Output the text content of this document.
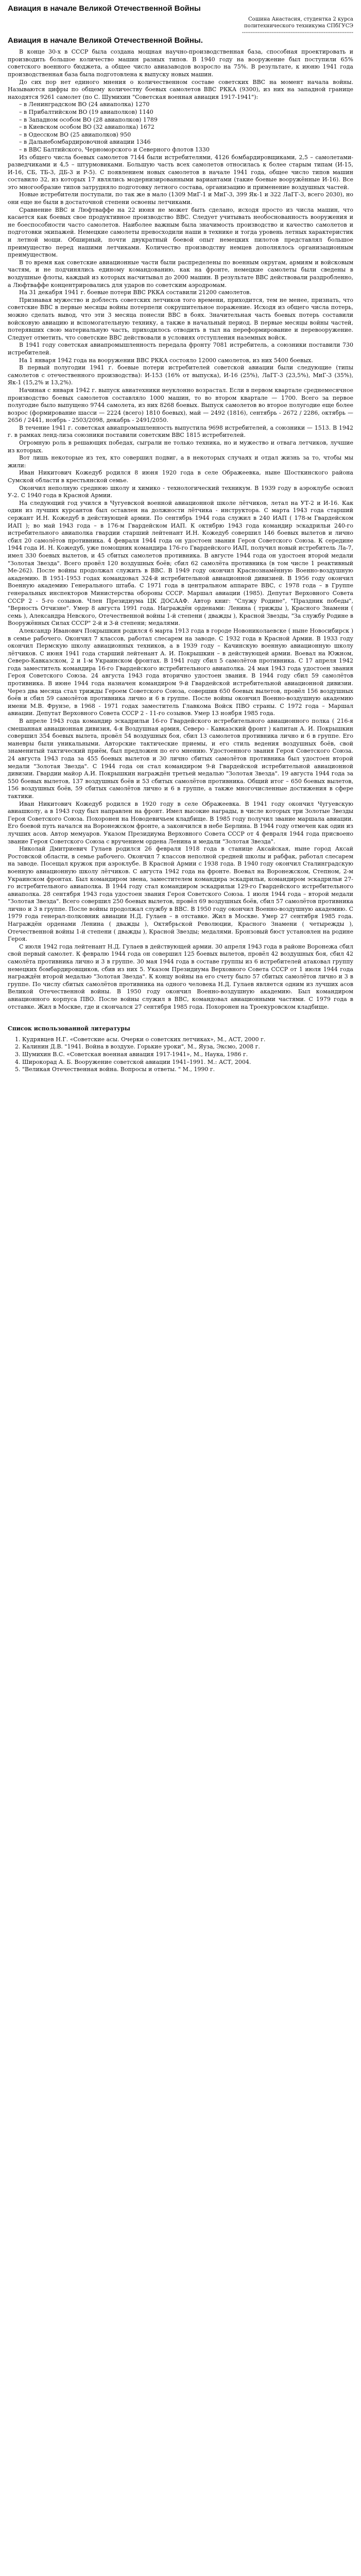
Авиация в начале Великой Отечественной Войны
Сошина Анастасия, студентка 2 курса
политехнического техникума СПбГУСЭ
----------------------------------------------------------------
Авиация в начале Великой Отечественной Войны.

В конце 30-х в СССР была создана мощная научно-производственная база, способная проектировать и производить большое количество машин разных типов. В 1940 году на вооружение был поступили 65% советского военного бюджета, а общее число авиазаводов возросло на 75%. В результате, к июню 1941 года производственная база была подготовлена к выпуску новых машин.

До сих пор нет единого мнения о количественном составе советских ВВС на момент начала войны. Называются цифры по общему количеству боевых самолетов ВВС РККА (9300), из них на западной границе находятся 9261 самолет (по С. Шумихин "Советская военная авиация 1917-1941"):

– в Ленинградском ВО (24 авиаполка) 1270

– в Прибалтийском ВО (19 авиаполков) 1140

– в Западном особом ВО (28 авиаполков) 1789

– в Киевском особом ВО (32 авиаполка) 1672

– в Одесском ВО (25 авиаполков) 950

– в Дальнебомбардировочной авиации 1346

– в ВВС Балтийского, Черноморского и Северного флотов 1330

Из общего числа боевых самолетов 7144 были истребителями, 4126 бомбардировщиками, 2,5 – самолетами-разведчиками и 4,5 – штурмовиками. Большую часть всех самолетов относилась к более старым типам (И-15, И-16, СБ, ТБ-3, ДБ-3 и Р-5). С появлением новых самолетов в начале 1941 года, общее число типов машин составило 32, из которых 17 являлись модернизированными вариантами (такие боевые вооружённые И-16). Все это многообразие типов затрудняло подготовку летного состава, организацию и применение воздушных частей.

Новые истребители поступали, по так же в мало (1309 МиГ-1 и МиГ-3, 399 Як-1 и 322 ЛаГГ-3, всего 2030), но они еще не были в достаточной степени освоены летчиками.

Сравнение ВВС и Люфтваффе на 22 июня не может быть сделано, исходя просто из числа машин, что касается как боевых свое продуктивное производство ВВС. Следует учитывать необоснованность вооружения и не боеспособности часто самолетов. Наиболее важным была значимость производство и качество самолетов и подготовки экипажей. Немецкие самолеты превосходили наши в технике и тогда уровень летных характеристик и летной мощи. Обширный, почти двукратный боевой опыт немецких пилотов представлял большое преимущество перед нашими летчиками. Количество производству немцев дополнялось организационным преимуществом.

В то время как советские авиационные части были распределены по военным округам, армиям и войсковым частям, и не подчинялись единому командованию, как на фронте, немецкие самолеты были сведены в воздушные флоты, каждый из которых насчитывал до 2000 машин. В результате ВВС действовали раздробленно, а Люфтваффе концентрировались для ударов по советским аэродромам.

На 31 декабря 1941 г. боевые потери ВВС РККА составили 21200 самолетов.

Признавая мужество и доблесть советских летчиков того времени, приходится, тем не менее, признать, что советские ВВС в первые месяцы войны потерпели сокрушительное поражение. Исходя из общего числа потерь, можно сделать вывод, что эти 3 месяца понесли ВВС в боях. Значительная часть боевых потерь составили войсковую авиацию и вспомогательную технику, а также в начальный период. В первые месяцы войны частей, потерявших свою материальную часть, приходилось отводить в тыл на переформирование и перевооружение. Следует отметить, что советские ВВС действовали в условиях отступления наземных войск.

В 1941 году советская авиапромышленность передала фронту 7081 истребитель, а союзники поставили 730 истребителей.

На 1 января 1942 года на вооружении ВВС РККА состояло 12000 самолетов, из них 5400 боевых.

В первый полугодии 1941 г. боевые потери истребителей советской авиации были следующие (типы самолетов с отечественного производства): И-153 (16% от выпуска), И-16 (25%), ЛаГГ-3 (23,5%), МиГ-3 (35%), Як-1 (15,2% и 13,2%).

Начиная с января 1942 г. выпуск авиатехники неуклонно возрастал. Если в первом квартале среднемесячное производство боевых самолетов составляло 1000 машин, то во втором квартале — 1700. Всего за первое полугодие было выпущено 9744 самолета, из них 8268 боевых. Выпуск самолетов во второе полугодие еще более возрос (формирование шасси — 2224 (всего) 1810 боевых), май — 2492 (1816), сентябрь - 2672 / 2286, октябрь — 2656 / 2441, ноябрь - 2503/2098, декабрь - 2491/2050.

В течение 1941 г. советская авиапромышленность выпустила 9698 истребителей, а союзники — 1513. В 1942 г. в рамках ленд-лиза союзники поставили советским ВВС 1815 истребителей.

Огромную роль в решающих победах, сыграли не только техника, но и мужество и отвага летчиков, лучшие из которых.

Вот лишь некоторые из тех, кто совершил подвиг, а в некоторых случаях и отдал жизнь за то, чтобы мы жили:

Иван Никитович Кожедуб родился 8 июня 1920 года в селе Ображеевка, ныне Шосткинского района Сумской области в крестьянской семье.

Окончил неполную среднюю школу и химико - технологический техникум. В 1939 году в аэроклубе освоил У-2. С 1940 года в Красной Армии.

На следующий год учился в Чугуевской военной авиационной школе лётчиков, летал на УТ-2 и И-16. Как один из лучших курсантов был оставлен на должности лётчика - инструктора. С марта 1943 года старший сержант И.Н. Кожедуб в действующей армии. По сентябрь 1944 года служил в 240 ИАП ( 178-м Гвардейском ИАП ); во май 1943 года – в 176-м Гвардейском ИАП. К октябрю 1943 года командир эскадрильи 240-го истребительного авиаполка гвардии старший лейтенант И.Н. Кожедуб совершил 146 боевых вылетов и лично сбил 20 самолётов противника. 4 февраля 1944 года он удостоен звания Героя Советского Союза. К середине 1944 года И. Н. Кожедуб, уже помощник командира 176-го Гвардейского ИАП, получил новый истребитель Ла-7, имел 330 боевых вылетов, и 45 сбитых самолетов противника. В августе 1944 года он удостоен второй медали "Золотая Звезда". Всего провёл 120 воздушных боёв; сбил 62 самолёта противника (в том числе 1 реактивный Ме-262). После войны продолжал служить в ВВС. В 1949 году окончил Краснознамённую Военно-воздушную академию. В 1951-1953 годах командовал 324-й истребительной авиационной дивизией. В 1956 году окончил Военную академию Генерального штаба. С 1971 года в центральном аппарате ВВС, с 1978 года – в Группе генеральных инспекторов Министерства обороны СССР. Маршал авиации (1985). Депутат Верховного Совета СССР 2 - 5-го созывов. Член Президиума ЦК ДОСААФ. Автор книг: "Служу Родине", "Праздник победы", "Верность Отчизне". Умер 8 августа 1991 года. Награждён орденами: Ленина ( трижды ), Красного Знамени ( семь ), Александра Невского, Отечественной войны 1-й степени ( дважды ), Красной Звезды, "За службу Родине в Вооружённых Силах СССР" 2-й и 3-й степени; медалями.

Александр Иванович Покрышкин родился 6 марта 1913 года в городе Новониколаевске ( ныне Новосибирск ) в семье рабочего. Окончил 7 классов, работал слесарем на заводе. С 1932 года в Красной Армии. В 1933 году окончил Пермскую школу авиационных техников, а в 1939 году – Качинскую военную авиационную школу лётчиков. С июня 1941 года старший лейтенант А. И. Покрышкин – в действующей армии. Воевал на Южном, Северо-Кавказском, 2 и 1-м Украинском фронтах. В 1941 году сбил 5 самолётов противника. С 17 апреля 1942 года заместитель командира 16-го Гвардейского истребительного авиаполка. 24 мая 1943 года удостоен звания Героя Советского Союза. 24 августа 1943 года вторично удостоен звания. В 1944 году сбил 59 самолётов противника. В июне 1944 года назначен командиром 9-й Гвардейской истребительной авиационной дивизии. Через два месяца стал трижды Героем Советского Союза, совершив 650 боевых вылетов, провёл 156 воздушных боёв и сбил 59 самолётов противника лично и 6 в группе. После войны окончил Военно-воздушную академию имени М.В. Фрунзе, в 1968 - 1971 годах заместитель Главкома Войск ПВО страны. С 1972 года – Маршал авиации. Депутат Верховного Совета СССР 2 - 11-го созывов. Умер 13 ноября 1985 года.

В апреле 1943 года командир эскадрильи 16-го Гвардейского истребительного авиационного полка ( 216-я смешанная авиационная дивизия, 4-я Воздушная армия, Северо - Кавказский фронт ) капитан А. И. Покрышкин совершил 354 боевых вылета, провёл 54 воздушных боя, сбил 13 самолетов противника лично и 6 в группе. Его маневры были уникальными. Авторские тактические приемы, и его стиль ведения воздушных боёв, свой знаменитый тактический приём, был предложен по его мнению. Удостоенного звания Героя Советского Союза. 24 августа 1943 года за 455 боевых вылетов и 30 лично сбитых самолётов противника был удостоен второй медали "Золотая Звезда". С 1944 года он стал командиром 9-й Гвардейской истребительной авиационной дивизии. Гвардии майор А.И. Покрышкин награждён третьей медалью "Золотая Звезда". 19 августа 1944 года за 550 боевых вылетов, 137 воздушных боёв и 53 сбитых самолётов противника. Общий итог – 650 боевых вылетов, 156 воздушных боёв, 59 сбитых самолётов лично и 6 в группе, а также многочисленные достижения в сфере тактики.

Иван Никитович Кожедуб родился в 1920 году в селе Ображеевка. В 1941 году окончил Чугуевскую авиашколу, а в 1943 году был направлен на фронт. Имел высокие награды, в числе которых три Золотые Звезды Героя Советского Союза. Похоронен на Новодевичьем кладбище. В 1985 году получил звание маршала авиации. Его боевой путь начался на Воронежском фронте, а закончился в небе Берлина. В 1944 году отмечен как один из лучших асов. Автор мемуаров. Указом Президиума Верховного Совета СССР от 4 февраля 1944 года присвоено звание Героя Советского Союза с вручением ордена Ленина и медали "Золотая Звезда".

Николай Дмитриевич Гулаев родился 26 февраля 1918 года в станице Аксайская, ныне город Аксай Ростовской области, в семье рабочего. Окончил 7 классов неполной средней школы и рабфак, работал слесарем на заводе. Посещал кружок при аэроклубе. В Красной Армии с 1938 года. В 1940 году окончил Сталинградскую военную авиационную школу лётчиков. С августа 1942 года на фронте. Воевал на Воронежском, Степном, 2-м Украинском фронтах. Был командиром звена, заместителем командира эскадрильи, командиром эскадрильи 27-го истребительного авиаполка. В 1944 году стал командиром эскадрильи 129-го Гвардейского истребительного авиаполка. 28 сентября 1943 года удостоен звания Героя Советского Союза. 1 июля 1944 года – второй медали "Золотая Звезда". Всего совершил 250 боевых вылетов, провёл 69 воздушных боёв, сбил 57 самолётов противника лично и 3 в группе. После войны продолжал службу в ВВС. В 1950 году окончил Военно-воздушную академию. С 1979 года генерал-полковник авиации Н.Д. Гулаев – в отставке. Жил в Москве. Умер 27 сентября 1985 года. Награждён орденами Ленина ( дважды ), Октябрьской Революции, Красного Знамени ( четырежды ), Отечественной войны 1-й степени ( дважды ), Красной Звезды; медалями. Бронзовый бюст установлен на родине Героя.

С июля 1942 года лейтенант Н.Д. Гулаев в действующей армии. 30 апреля 1943 года в районе Воронежа сбил свой первый самолет. К февралю 1944 года он совершил 125 боевых вылетов, провёл 42 воздушных боя, сбил 42 самолёта противника лично и 3 в группе. 30 мая 1944 года в составе группы из 6 истребителей атаковал группу немецких бомбардировщиков, сбив из них 5. Указом Президиума Верховного Совета СССР от 1 июля 1944 года награждён второй медалью "Золотая Звезда". К концу войны на его счету было 57 сбитых самолётов лично и 3 в группе. По числу сбитых самолётов противника на одного человека Н.Д. Гулаев является одним из лучших асов Великой Отечественной войны. В 1950 году окончил Военно-воздушную академию. Был командиром авиационного корпуса ПВО. После войны служил в ВВС, командовал авиационными частями. С 1979 года в отставке. Жил в Москве, где и скончался 27 сентября 1985 года. Похоронен на Троекуровском кладбище.

Список использованной литературы
1. Кудрявцев Н.Г. «Советские асы. Очерки о советских летчиках», М., АСТ, 2000 г.
2. Калинин Д.В. "1941. Война в воздухе. Горькие уроки", М., Яуза, Эксмо, 2008 г.
3. Шумихин В.С. «Советская военная авиация 1917-1941», М., Наука, 1986 г.
4. Широкорад А. Б. Вооружение советской авиации 1941–1991. М.: АСТ, 2004.
5. "Великая Отечественная война. Вопросы и ответы. " М., 1990 г.
